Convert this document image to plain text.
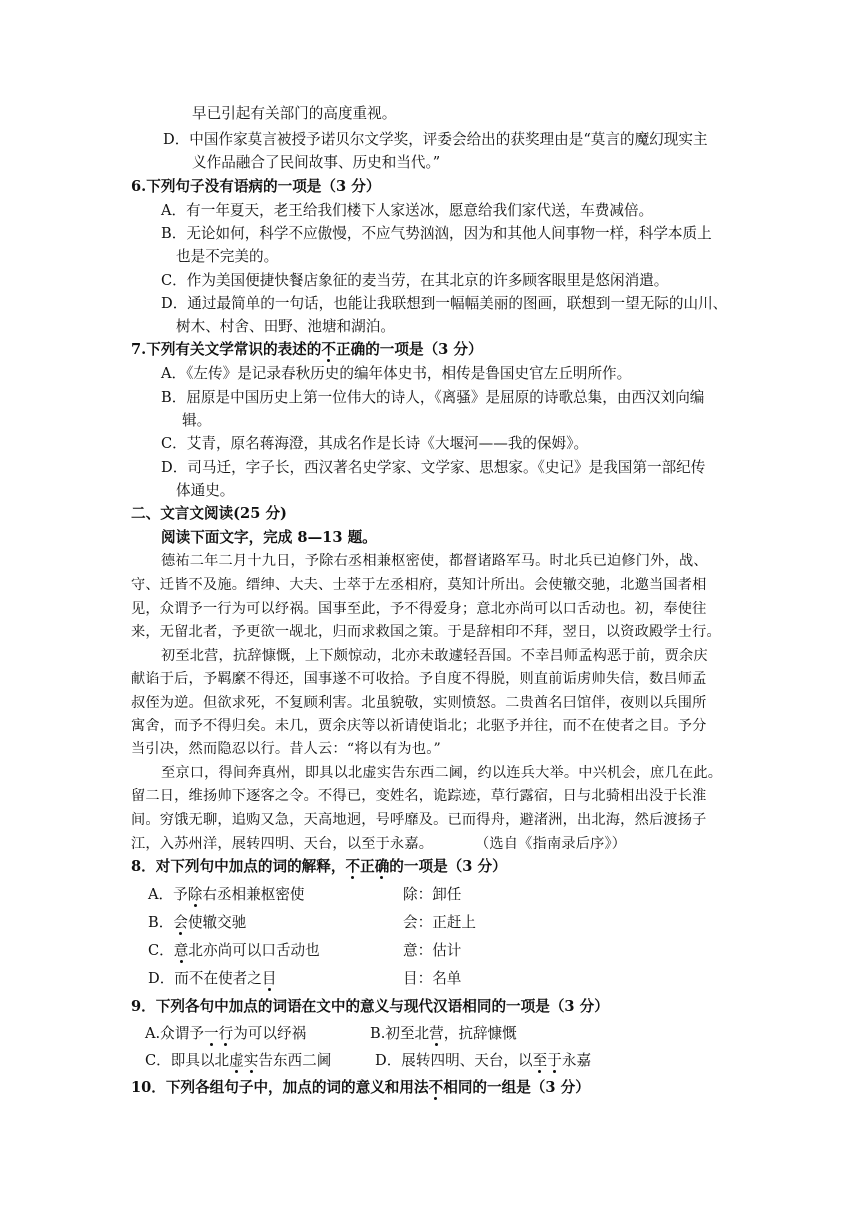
早已引起有关部门的高度重视。
D．中国作家莫言被授予诺贝尔文学奖，评委会给出的获奖理由是“莫言的魔幻现实主
义作品融合了民间故事、历史和当代。”
6.下列句子没有语病的一项是（3 分）
A．有一年夏天，老王给我们楼下人家送冰，愿意给我们家代送，车费减倍。
B．无论如何，科学不应傲慢，不应气势汹汹，因为和其他人间事物一样，科学本质上
也是不完美的。
C．作为美国便捷快餐店象征的麦当劳，在其北京的许多顾客眼里是悠闲消遣。
D．通过最简单的一句话，也能让我联想到一幅幅美丽的图画，联想到一望无际的山川、
树木、村舍、田野、池塘和湖泊。
7.下列有关文学常识的表述的不正确的一项是（3 分）
A．《左传》是记录春秋历史的编年体史书，相传是鲁国史官左丘明所作。
B．屈原是中国历史上第一位伟大的诗人，《离骚》是屈原的诗歌总集，由西汉刘向编
辑。
C．艾青，原名蒋海澄，其成名作是长诗《大堰河——我的保姆》。
D．司马迁，字子长，西汉著名史学家、文学家、思想家。《史记》是我国第一部纪传
体通史。
二、文言文阅读(25 分)
阅读下面文字，完成 8—13 题。
德祐二年二月十九日，予除右丞相兼枢密使，都督诸路军马。时北兵已迫修门外，战、
守、迁皆不及施。缙绅、大夫、士萃于左丞相府，莫知计所出。会使辙交驰，北邀当国者相
见，众谓予一行为可以纾祸。国事至此，予不得爱身；意北亦尚可以口舌动也。初，奉使往
来，无留北者，予更欲一觇北，归而求救国之策。于是辞相印不拜，翌日，以资政殿学士行。
初至北营，抗辞慷慨，上下颇惊动，北亦未敢遽轻吾国。不幸吕师孟构恶于前，贾余庆
献谄于后，予羁縻不得还，国事遂不可收拾。予自度不得脱，则直前诟虏帅失信，数吕师孟
叔侄为逆。但欲求死，不复顾利害。北虽貌敬，实则愤怒。二贵酋名曰馆伴，夜则以兵围所
寓舍，而予不得归矣。未几，贾余庆等以祈请使诣北；北驱予并往，而不在使者之目。予分
当引决，然而隐忍以行。昔人云：“将以有为也。”
至京口，得间奔真州，即具以北虚实告东西二阃，约以连兵大举。中兴机会，庶几在此。
留二日，维扬帅下逐客之令。不得已，变姓名，诡踪迹，草行露宿，日与北骑相出没于长淮
间。穷饿无聊，追购又急，天高地迥，号呼靡及。已而得舟，避渚洲，出北海，然后渡扬子
江，入苏州洋，展转四明、天台，以至于永嘉。	（选自《指南录后序》）
8．对下列句中加点的词的解释，不正确的一项是（3 分）
A．予除右丞相兼枢密使	除：卸任
B．会使辙交驰	会：正赶上
C．意北亦尚可以口舌动也	意：估计
D．而不在使者之目	目：名单
9．下列各句中加点的词语在文中的意义与现代汉语相同的一项是（3 分）
A.众谓予一行为可以纾祸	B.初至北营，抗辞慷慨
C．即具以北虚实告东西二阃	D．展转四明、天台，以至于永嘉
10．下列各组句子中，加点的词的意义和用法不相同的一组是（3 分）
